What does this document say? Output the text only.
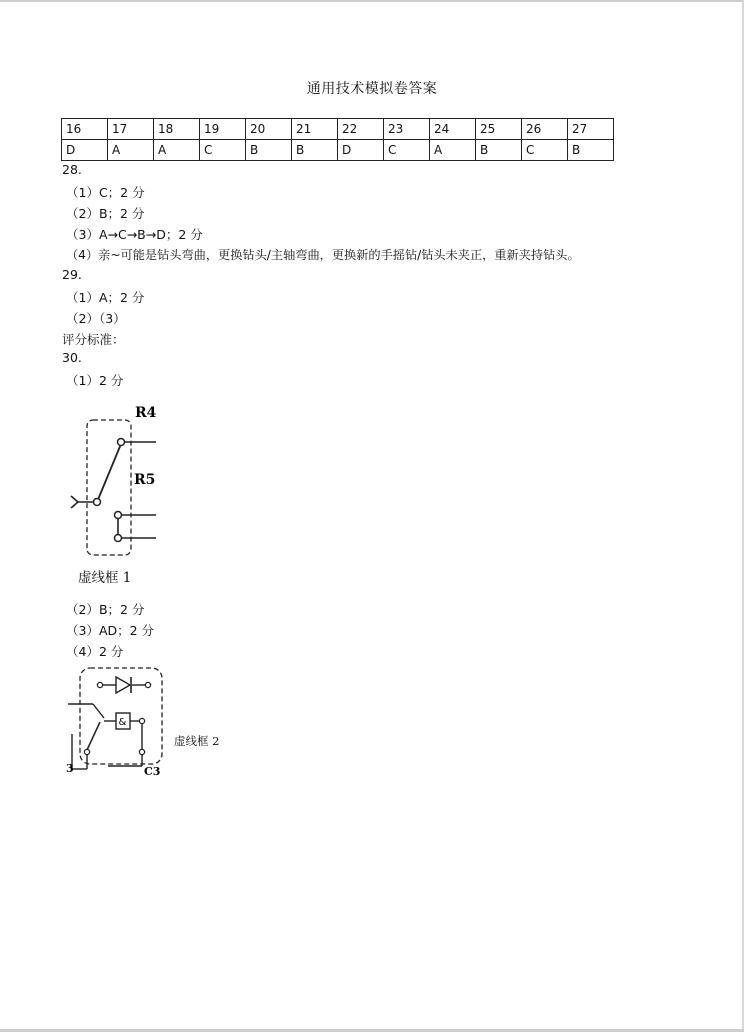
通用技术模拟卷答案
16	17	18	19	20	21	22	23	24	25	26	27
D	A	A	C	B	B	D	C	A	B	C	B
28.
（1）C；2 分
（2）B；2 分
（3）A→C→B→D；2 分
（4）亲~可能是钻头弯曲，更换钻头/主轴弯曲，更换新的手摇钻/钻头未夹正，重新夹持钻头。
29.
（1）A；2 分
（2）（3）
评分标准：
30.
（1）2 分
R4
R5
虚线框 1
（2）B；2 分
（3）AD；2 分
（4）2 分
&
3	C3
虚线框 2
